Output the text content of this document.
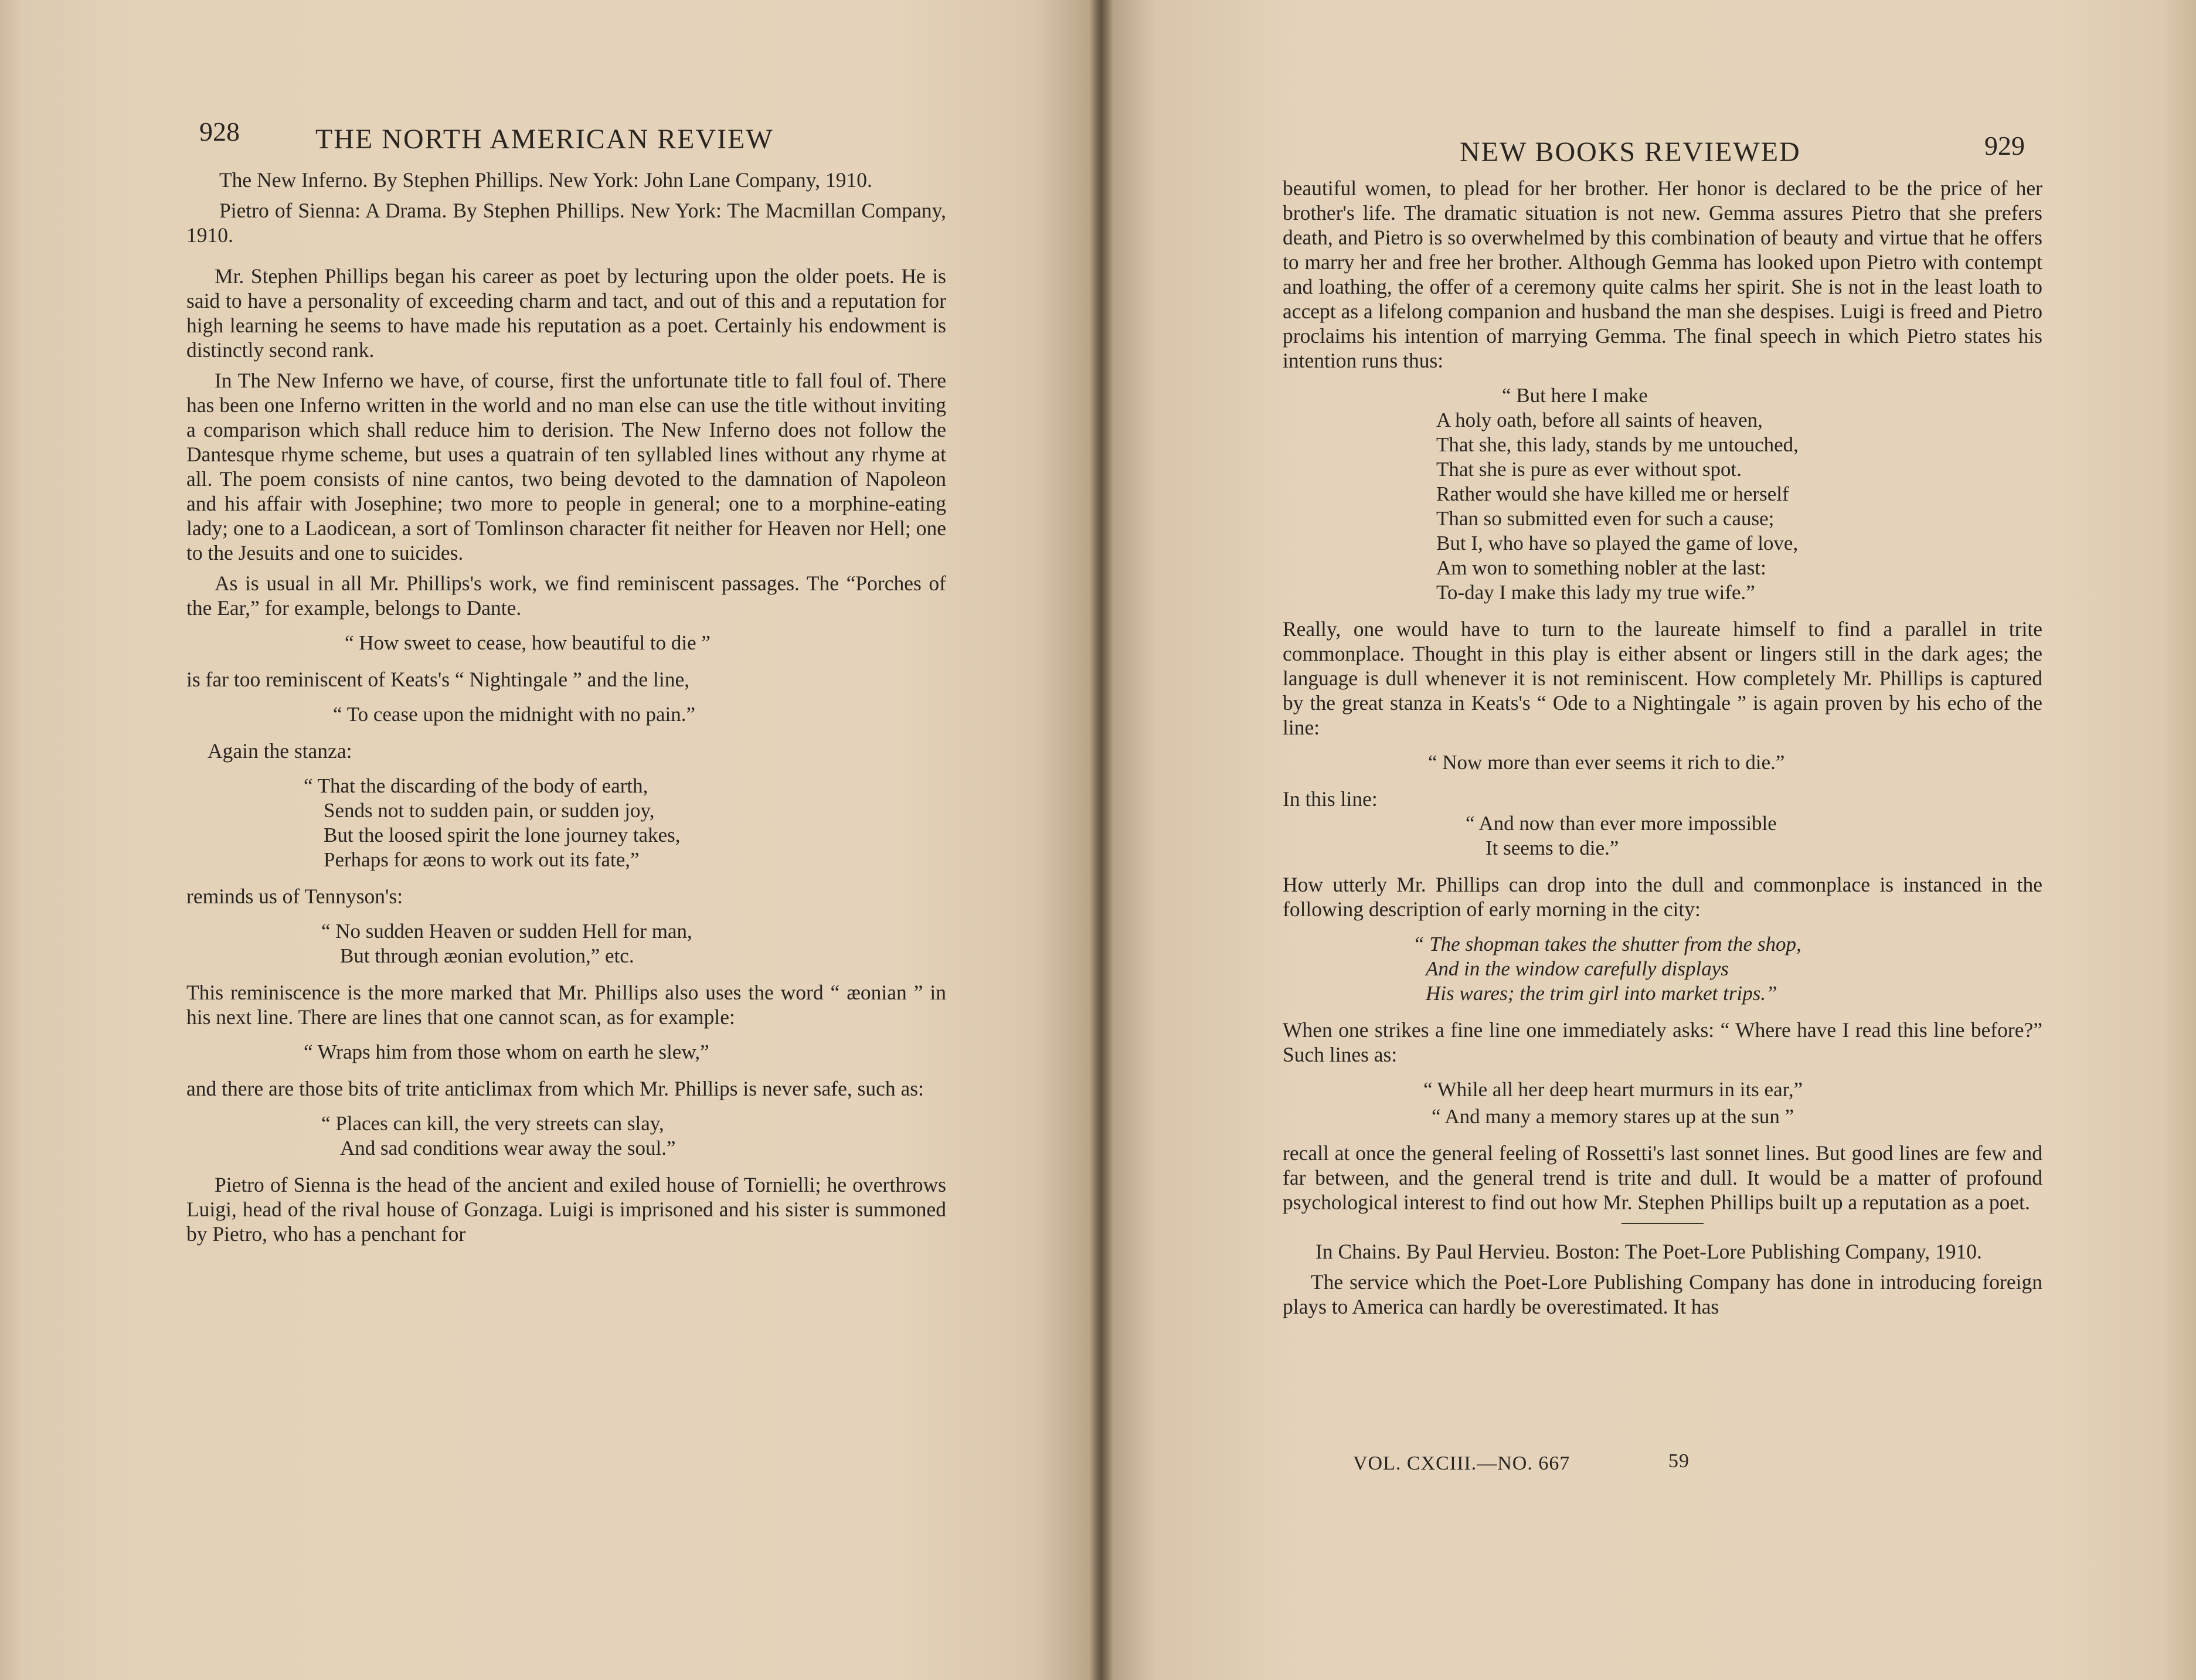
928	THE NORTH AMERICAN REVIEW

The New Inferno. By Stephen Phillips. New York: John Lane Company, 1910.

Pietro of Sienna: A Drama. By Stephen Phillips. New York: The Macmillan Company, 1910.

Mr. Stephen Phillips began his career as poet by lecturing upon the older poets. He is said to have a personality of exceeding charm and tact, and out of this and a reputation for high learning he seems to have made his reputation as a poet. Certainly his endowment is distinctly second rank.

In The New Inferno we have, of course, first the unfortunate title to fall foul of. There has been one Inferno written in the world and no man else can use the title without inviting a comparison which shall reduce him to derision. The New Inferno does not follow the Dantesque rhyme scheme, but uses a quatrain of ten syllabled lines without any rhyme at all. The poem consists of nine cantos, two being devoted to the damnation of Napoleon and his affair with Josephine; two more to people in general; one to a morphine-eating lady; one to a Laodicean, a sort of Tomlinson character fit neither for Heaven nor Hell; one to the Jesuits and one to suicides.

As is usual in all Mr. Phillips's work, we find reminiscent passages. The “Porches of the Ear,” for example, belongs to Dante.

“ How sweet to cease, how beautiful to die ”

is far too reminiscent of Keats's “ Nightingale ” and the line,

“ To cease upon the midnight with no pain.”

Again the stanza:

“ That the discarding of the body of earth,
Sends not to sudden pain, or sudden joy,
But the loosed spirit the lone journey takes,
Perhaps for æons to work out its fate,”

reminds us of Tennyson's:

“ No sudden Heaven or sudden Hell for man,
But through æonian evolution,” etc.

This reminiscence is the more marked that Mr. Phillips also uses the word “ æonian ” in his next line. There are lines that one cannot scan, as for example:

“ Wraps him from those whom on earth he slew,”

and there are those bits of trite anticlimax from which Mr. Phillips is never safe, such as:

“ Places can kill, the very streets can slay,
And sad conditions wear away the soul.”

Pietro of Sienna is the head of the ancient and exiled house of Tornielli; he overthrows Luigi, head of the rival house of Gonzaga. Luigi is imprisoned and his sister is summoned by Pietro, who has a penchant for

NEW BOOKS REVIEWED	929

beautiful women, to plead for her brother. Her honor is declared to be the price of her brother's life. The dramatic situation is not new. Gemma assures Pietro that she prefers death, and Pietro is so overwhelmed by this combination of beauty and virtue that he offers to marry her and free her brother. Although Gemma has looked upon Pietro with contempt and loathing, the offer of a ceremony quite calms her spirit. She is not in the least loath to accept as a lifelong companion and husband the man she despises. Luigi is freed and Pietro proclaims his intention of marrying Gemma. The final speech in which Pietro states his intention runs thus:

“ But here I make
A holy oath, before all saints of heaven,
That she, this lady, stands by me untouched,
That she is pure as ever without spot.
Rather would she have killed me or herself
Than so submitted even for such a cause;
But I, who have so played the game of love,
Am won to something nobler at the last:
To-day I make this lady my true wife.”

Really, one would have to turn to the laureate himself to find a parallel in trite commonplace. Thought in this play is either absent or lingers still in the dark ages; the language is dull whenever it is not reminiscent. How completely Mr. Phillips is captured by the great stanza in Keats's “ Ode to a Nightingale ” is again proven by his echo of the line:

“ Now more than ever seems it rich to die.”

In this line:

“ And now than ever more impossible
It seems to die.”

How utterly Mr. Phillips can drop into the dull and commonplace is instanced in the following description of early morning in the city:

“ The shopman takes the shutter from the shop,
And in the window carefully displays
His wares; the trim girl into market trips.”

When one strikes a fine line one immediately asks: “ Where have I read this line before?” Such lines as:

“ While all her deep heart murmurs in its ear,”
“ And many a memory stares up at the sun ”

recall at once the general feeling of Rossetti's last sonnet lines. But good lines are few and far between, and the general trend is trite and dull. It would be a matter of profound psychological interest to find out how Mr. Stephen Phillips built up a reputation as a poet.

In Chains. By Paul Hervieu. Boston: The Poet-Lore Publishing Company, 1910.

The service which the Poet-Lore Publishing Company has done in introducing foreign plays to America can hardly be overestimated. It has

VOL. CXCIII.—NO. 667	59
